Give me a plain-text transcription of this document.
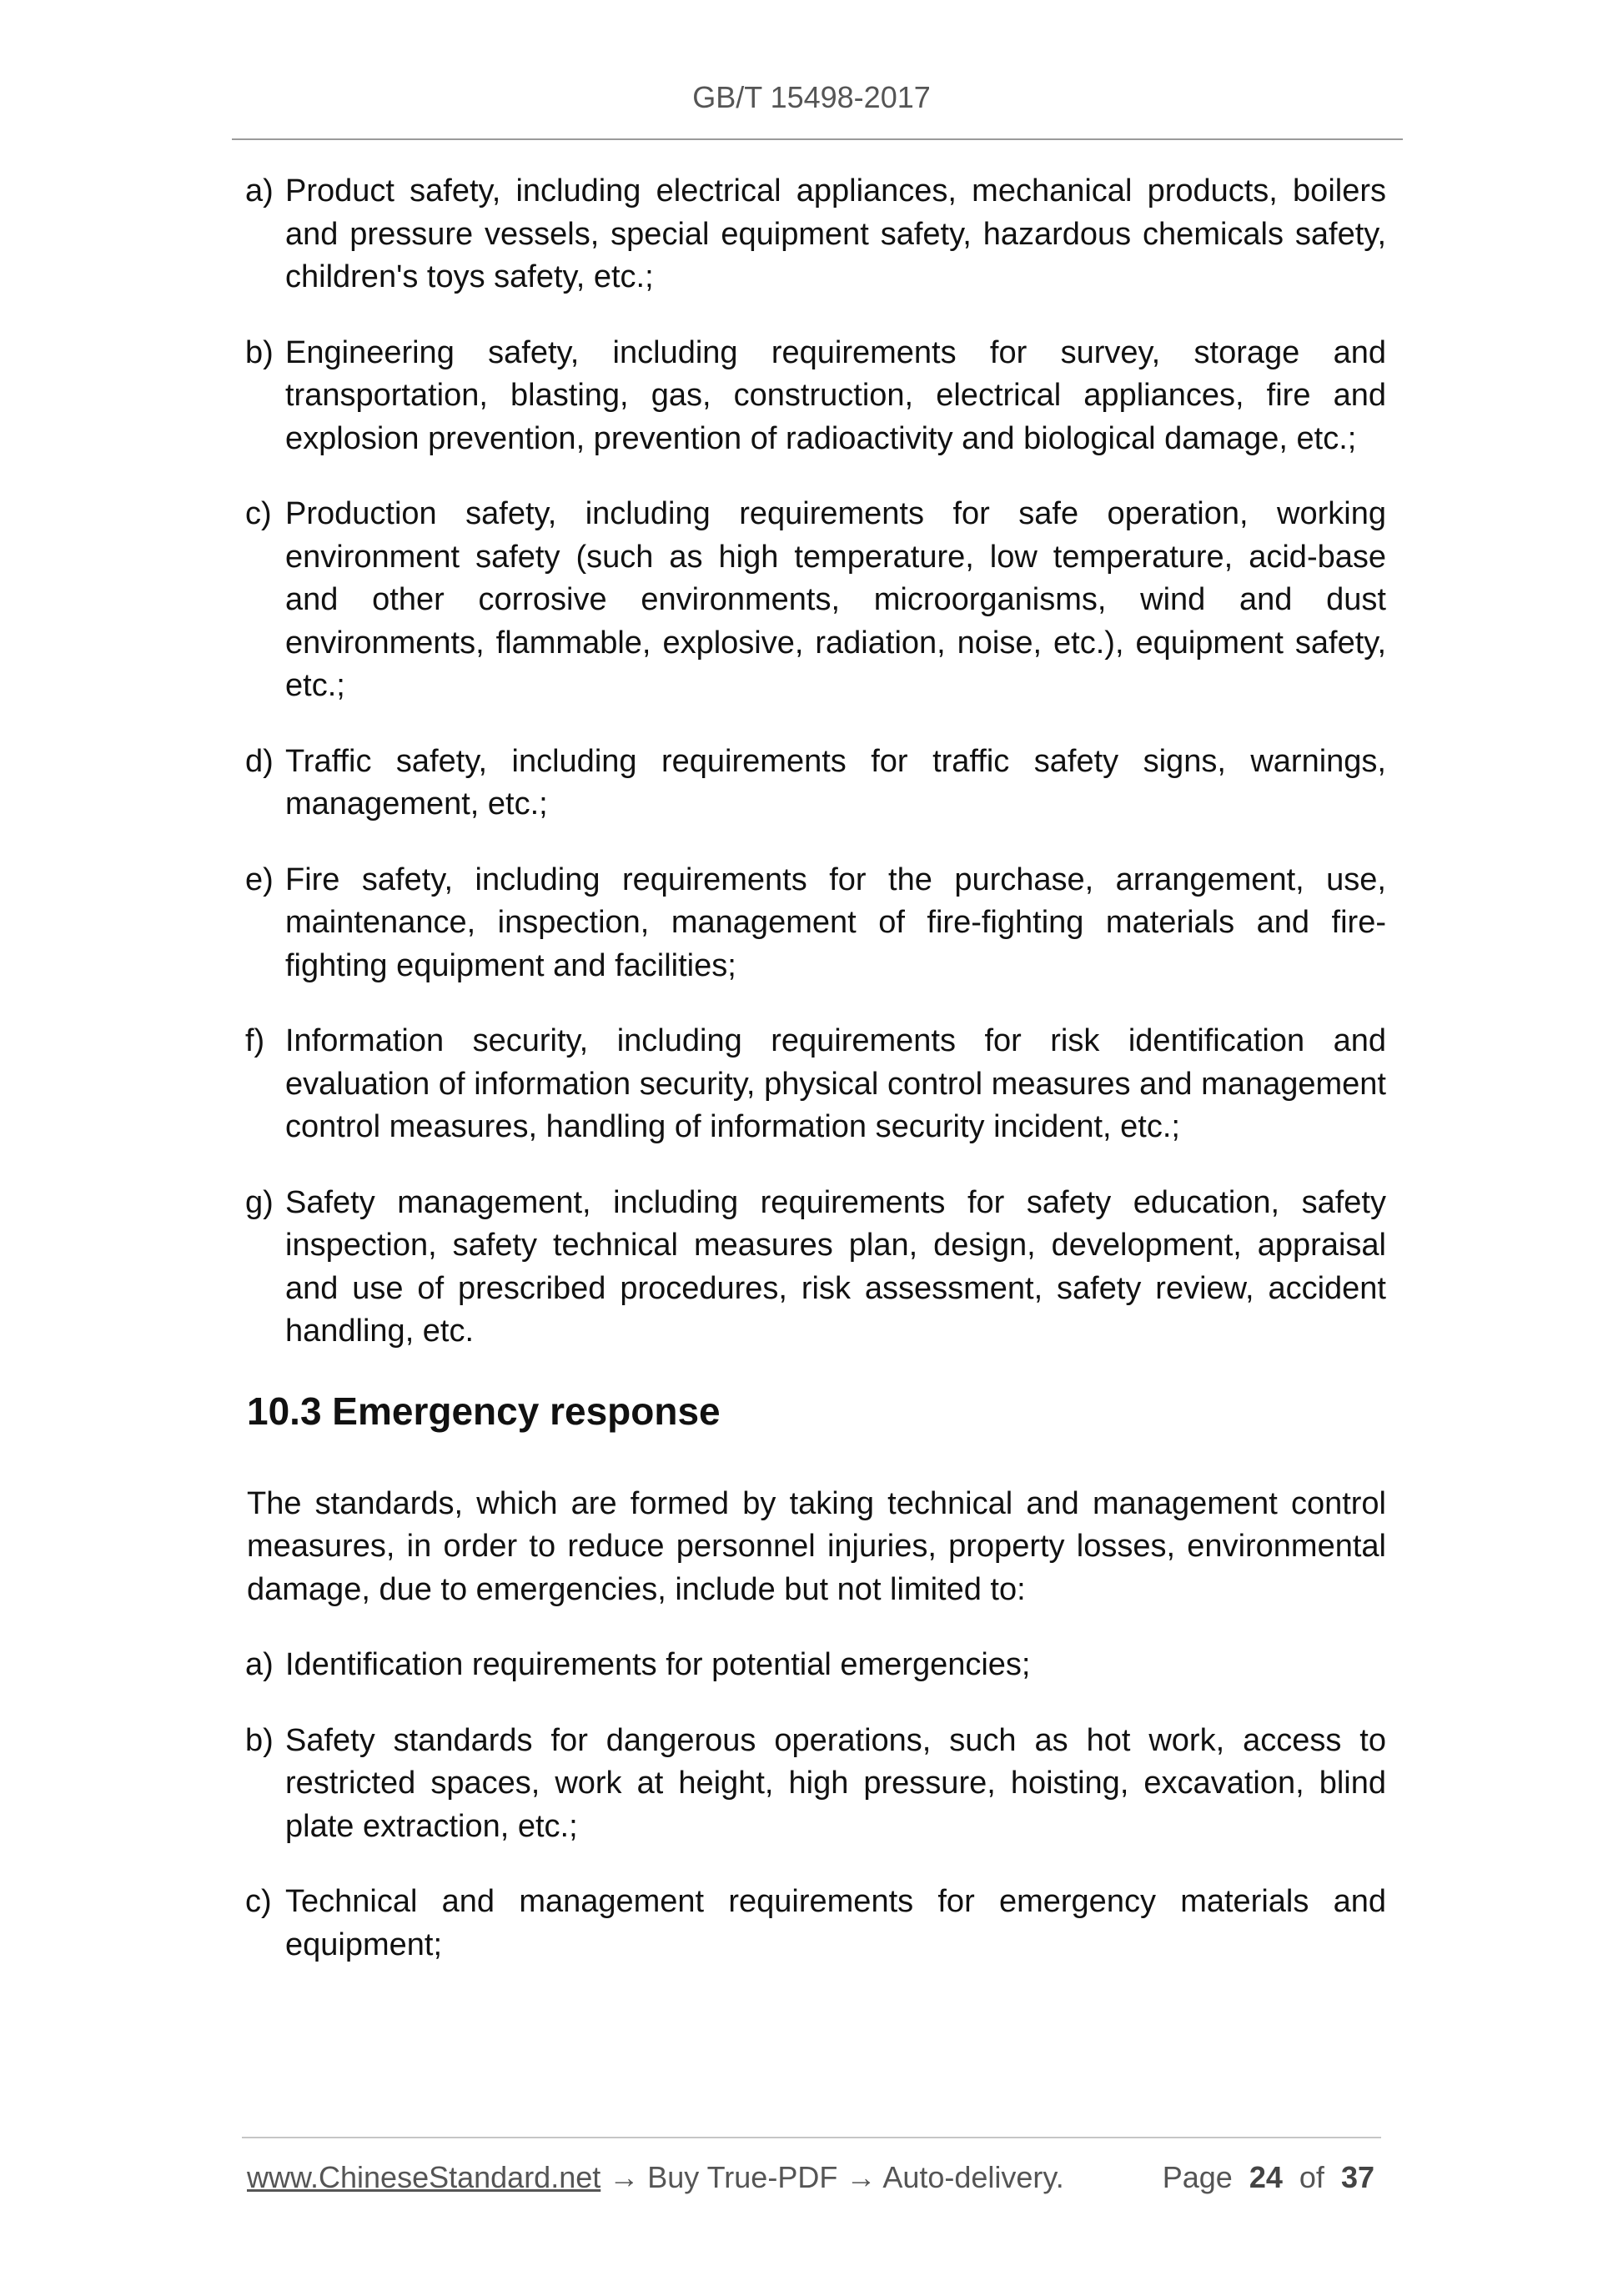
GB/T 15498-2017
a) Product safety, including electrical appliances, mechanical products, boilers and pressure vessels, special equipment safety, hazardous chemicals safety, children's toys safety, etc.;
b) Engineering safety, including requirements for survey, storage and transportation, blasting, gas, construction, electrical appliances, fire and explosion prevention, prevention of radioactivity and biological damage, etc.;
c) Production safety, including requirements for safe operation, working environment safety (such as high temperature, low temperature, acid-base and other corrosive environments, microorganisms, wind and dust environments, flammable, explosive, radiation, noise, etc.), equipment safety, etc.;
d) Traffic safety, including requirements for traffic safety signs, warnings, management, etc.;
e) Fire safety, including requirements for the purchase, arrangement, use, maintenance, inspection, management of fire-fighting materials and fire-fighting equipment and facilities;
f) Information security, including requirements for risk identification and evaluation of information security, physical control measures and management control measures, handling of information security incident, etc.;
g) Safety management, including requirements for safety education, safety inspection, safety technical measures plan, design, development, appraisal and use of prescribed procedures, risk assessment, safety review, accident handling, etc.
10.3 Emergency response

The standards, which are formed by taking technical and management control measures, in order to reduce personnel injuries, property losses, environmental damage, due to emergencies, include but not limited to:

a) Identification requirements for potential emergencies;
b) Safety standards for dangerous operations, such as hot work, access to restricted spaces, work at height, high pressure, hoisting, excavation, blind plate extraction, etc.;
c) Technical and management requirements for emergency materials and equipment;
www.ChineseStandard.net → Buy True-PDF → Auto-delivery.	Page 24 of 37
